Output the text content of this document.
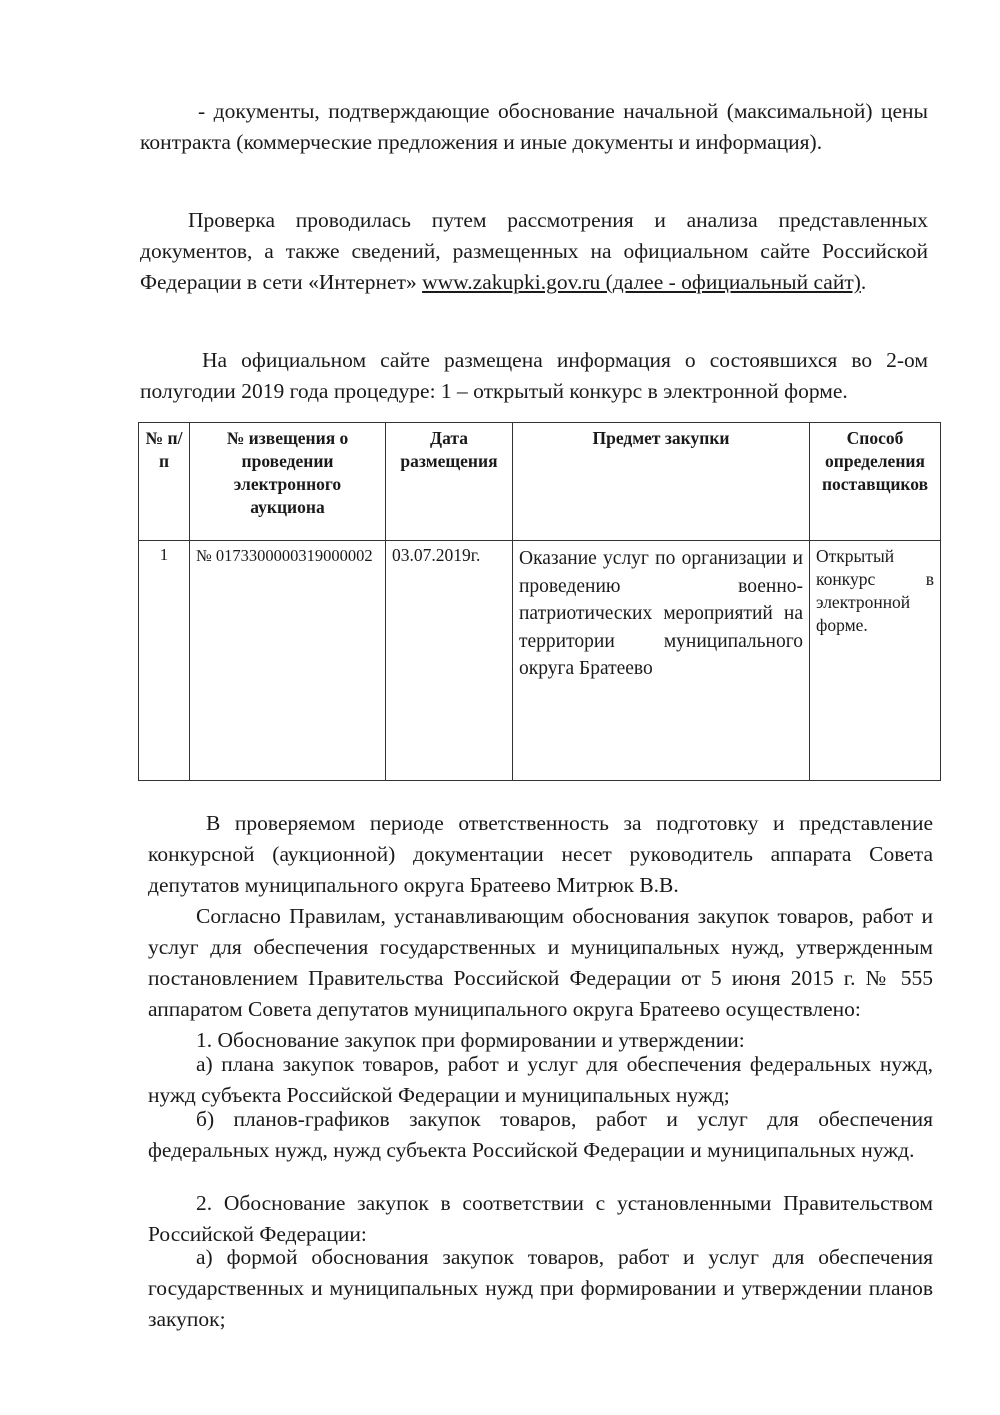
- документы, подтверждающие обоснование начальной (максимальной) цены контракта (коммерческие предложения и иные документы и информация).

Проверка проводилась путем рассмотрения и анализа представленных документов, а также сведений, размещенных на официальном сайте Российской Федерации в сети «Интернет» www.zakupki.gov.ru (далее - официальный сайт).

На официальном сайте размещена информация о состоявшихся во 2-ом полугодии 2019 года процедуре: 1 – открытый конкурс в электронной форме.

№ п/п	№ извещения о проведении электронного аукциона	Дата размещения	Предмет закупки	Способ определения поставщиков
1	№ 0173300000319000002	03.07.2019г.	Оказание услуг по организации и проведению военно-патриотических мероприятий на территории муниципального округа Братеево	Открытый конкурс в электронной форме.

В проверяемом периоде ответственность за подготовку и представление конкурсной (аукционной) документации несет руководитель аппарата Совета депутатов муниципального округа Братеево Митрюк В.В.

Согласно Правилам, устанавливающим обоснования закупок товаров, работ и услуг для обеспечения государственных и муниципальных нужд, утвержденным постановлением Правительства Российской Федерации от 5 июня 2015 г. № 555 аппаратом Совета депутатов муниципального округа Братеево осуществлено:

1. Обоснование закупок при формировании и утверждении:

а) плана закупок товаров, работ и услуг для обеспечения федеральных нужд, нужд субъекта Российской Федерации и муниципальных нужд;

б) планов-графиков закупок товаров, работ и услуг для обеспечения федеральных нужд, нужд субъекта Российской Федерации и муниципальных нужд.

2. Обоснование закупок в соответствии с установленными Правительством Российской Федерации:

а) формой обоснования закупок товаров, работ и услуг для обеспечения государственных и муниципальных нужд при формировании и утверждении планов закупок;
